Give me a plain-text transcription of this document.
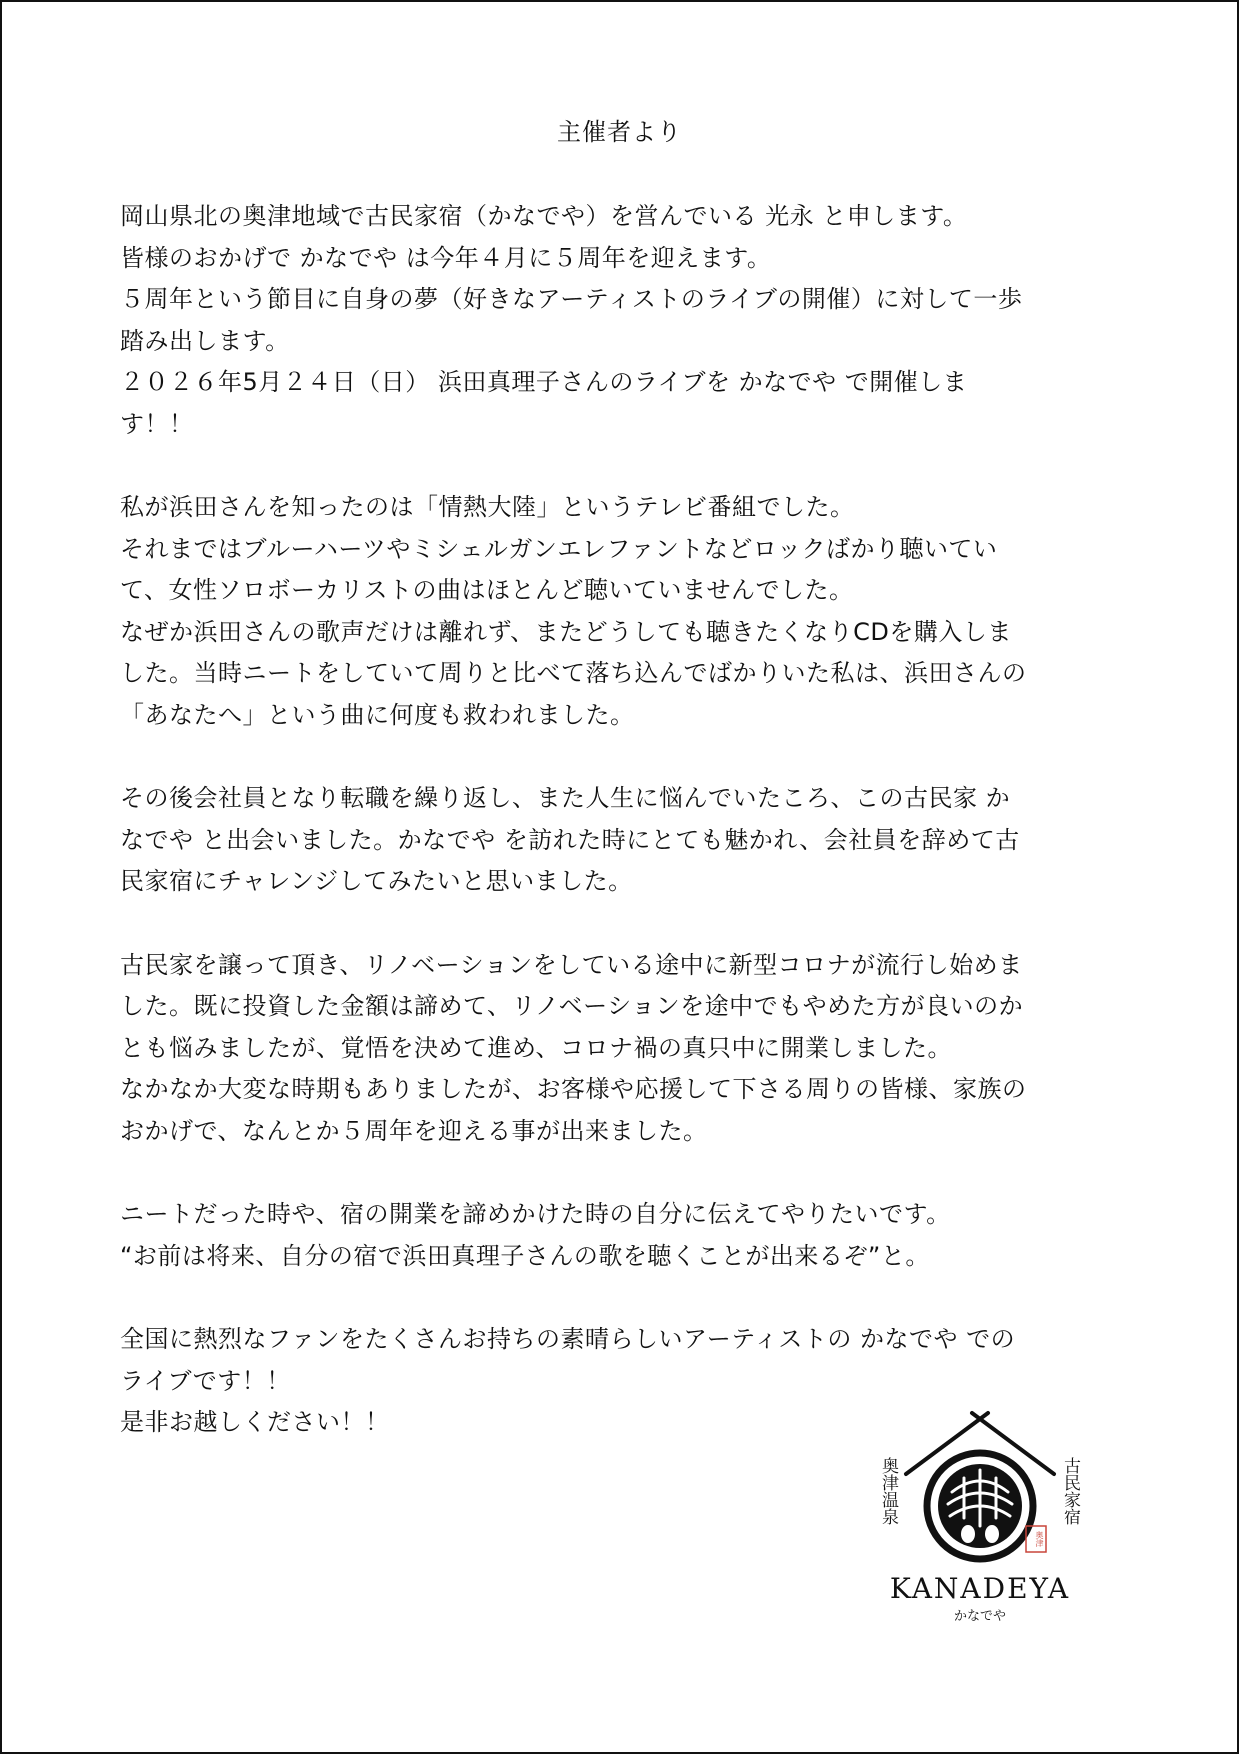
主催者より
岡山県北の奥津地域で古民家宿（かなでや）を営んでいる 光永 と申します。
皆様のおかげで かなでや は今年４月に５周年を迎えます。
５周年という節目に自身の夢（好きなアーティストのライブの開催）に対して一歩
踏み出します。
２０２６年5月２４日（日） 浜田真理子さんのライブを かなでや で開催しま
す！！
私が浜田さんを知ったのは「情熱大陸」というテレビ番組でした。
それまではブルーハーツやミシェルガンエレファントなどロックばかり聴いてい
て、女性ソロボーカリストの曲はほとんど聴いていませんでした。
なぜか浜田さんの歌声だけは離れず、またどうしても聴きたくなりCDを購入しま
した。当時ニートをしていて周りと比べて落ち込んでばかりいた私は、浜田さんの
「あなたへ」という曲に何度も救われました。
その後会社員となり転職を繰り返し、また人生に悩んでいたころ、この古民家 か
なでや と出会いました。かなでや を訪れた時にとても魅かれ、会社員を辞めて古
民家宿にチャレンジしてみたいと思いました。
古民家を譲って頂き、リノベーションをしている途中に新型コロナが流行し始めま
した。既に投資した金額は諦めて、リノベーションを途中でもやめた方が良いのか
とも悩みましたが、覚悟を決めて進め、コロナ禍の真只中に開業しました。
なかなか大変な時期もありましたが、お客様や応援して下さる周りの皆様、家族の
おかげで、なんとか５周年を迎える事が出来ました。
ニートだった時や、宿の開業を諦めかけた時の自分に伝えてやりたいです。
“お前は将来、自分の宿で浜田真理子さんの歌を聴くことが出来るぞ”と。
全国に熱烈なファンをたくさんお持ちの素晴らしいアーティストの かなでや での
ライブです！！
是非お越しください！！
奥津温泉	古民家宿
奥津
KANADEYA
かなでや
